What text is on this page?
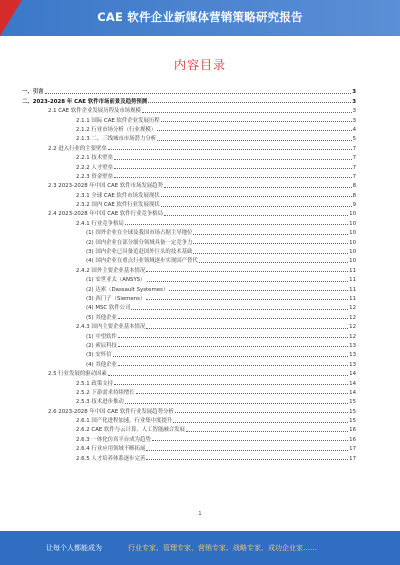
CAE 软件企业新媒体营销策略研究报告
内容目录
一、引言	3
二、2023-2028 年 CAE 软件市场前景及趋势预测	3
2.1 CAE 软件企业发展历程及市场规模	3
2.1.1 国际 CAE 软件企业发展历程	3
2.1.2 行业市场分析（行业规模）	4
2.1.3 二、三线城市市场潜力分析	5
2.2 进入行业的主要壁垒	7
2.2.1 技术壁垒	7
2.2.2 人才壁垒	7
2.2.3 资金壁垒	7
2.3 2023-2028 年中国 CAE 软件市场发展趋势	8
2.3.1 全球 CAE 软件市场发展现状	8
2.3.2 国内 CAE 软件行业发展现状	9
2.4 2023-2028 年中国 CAE 软件行业竞争格局	10
2.4.1 行业竞争格局	10
(1) 国外企业在全球及我国市场占据主导地位	10
(2) 国内企业在部分细分领域具备一定竞争力	10
(3) 国内企业已具备追赶国外巨头的技术基础	10
(4) 国内企业在重点行业领域逐步实现国产替代	10
2.4.2 国外主要企业基本情况	11
(1) 安世亚太（ANSYS）	11
(2) 达索（Dassault Systemes）	11
(3) 西门子（Siemens）	11
(4) MSC 软件公司	12
(5) 其他企业	12
2.4.3 国内主要企业基本情况	12
(1) 中望软件	12
(2) 索辰科技	13
(3) 安怀信	13
(4) 其他企业	13
2.5 行业发展的驱动因素	14
2.5.1 政策支持	14
2.5.2 下游需求持续增长	14
2.5.3 技术进步推动	15
2.6 2023-2028 年中国 CAE 软件行业发展趋势分析	15
2.6.1 国产化进程加速，行业集中度提升	15
2.6.2 CAE 软件与云计算、人工智能融合发展	16
2.6.3 一体化仿真平台成为趋势	16
2.6.4 行业应用领域不断拓展	17
2.6.5 人才培养体系逐步完善	17
1
让每个人都能成为	行业专家、管理专家、营销专家、战略专家、成功企业家……
